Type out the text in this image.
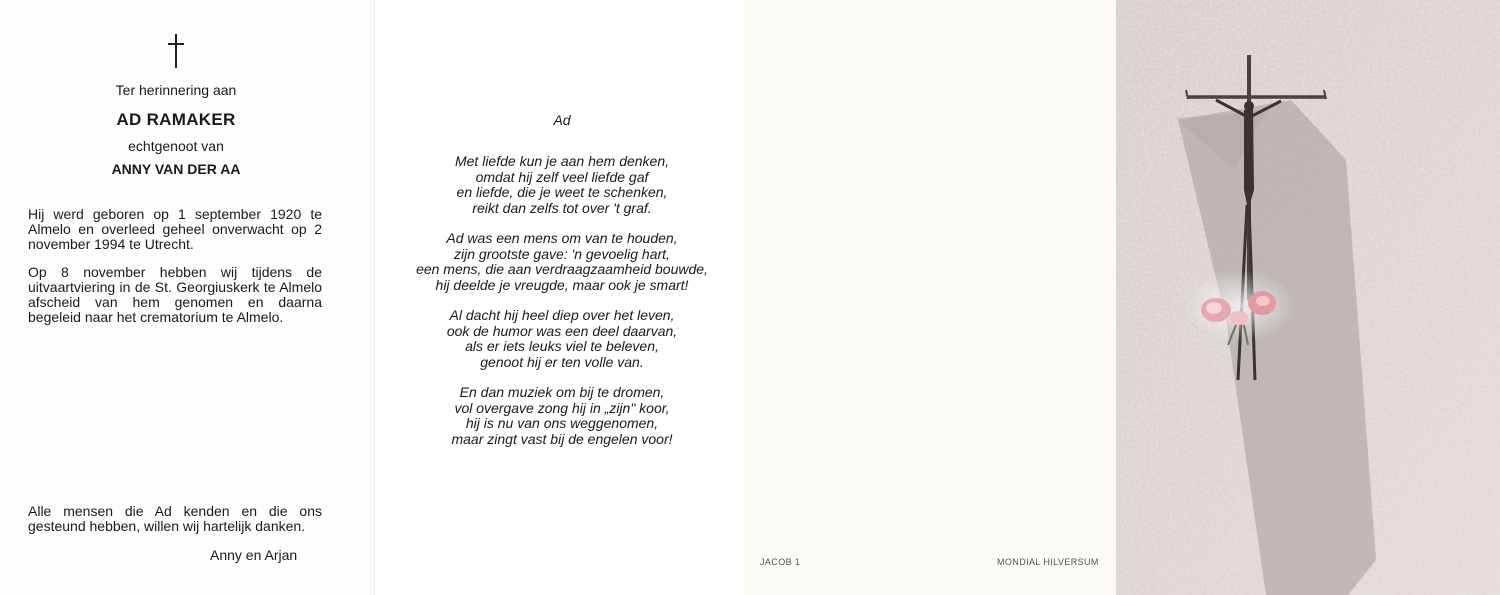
Ter herinnering aan
AD RAMAKER
echtgenoot van
ANNY VAN DER AA
Hij werd geboren op 1 september 1920 te Almelo en overleed geheel onverwacht op 2 november 1994 te Utrecht.
Op 8 november hebben wij tijdens de uitvaartviering in de St. Georgiuskerk te Almelo afscheid van hem genomen en daarna begeleid naar het crematorium te Almelo.
Alle mensen die Ad kenden en die ons gesteund hebben, willen wij hartelijk danken.
Anny en Arjan
Ad
Met liefde kun je aan hem denken,
omdat hij zelf veel liefde gaf
en liefde, die je weet te schenken,
reikt dan zelfs tot over 't graf.
Ad was een mens om van te houden,
zijn grootste gave: 'n gevoelig hart,
een mens, die aan verdraagzaamheid bouwde,
hij deelde je vreugde, maar ook je smart!
Al dacht hij heel diep over het leven,
ook de humor was een deel daarvan,
als er iets leuks viel te beleven,
genoot hij er ten volle van.
En dan muziek om bij te dromen,
vol overgave zong hij in „zijn" koor,
hij is nu van ons weggenomen,
maar zingt vast bij de engelen voor!
JACOB 1	MONDIAL HILVERSUM
